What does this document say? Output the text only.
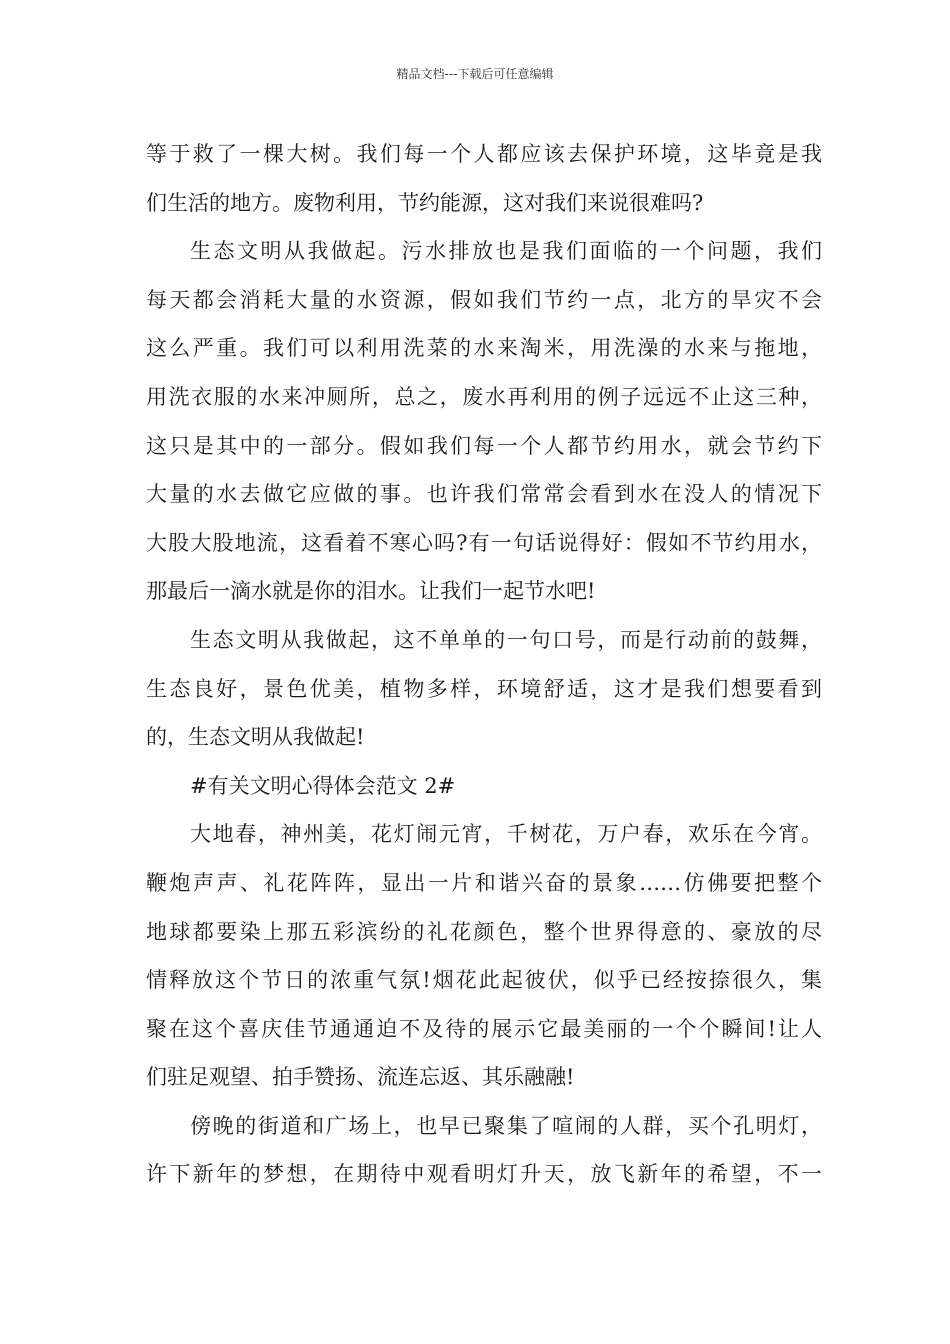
精品文档---下载后可任意编辑
等于救了一棵大树。我们每一个人都应该去保护环境，这毕竟是我
们生活的地方。废物利用，节约能源，这对我们来说很难吗?
生态文明从我做起。污水排放也是我们面临的一个问题，我们
每天都会消耗大量的水资源，假如我们节约一点，北方的旱灾不会
这么严重。我们可以利用洗菜的水来淘米，用洗澡的水来与拖地，
用洗衣服的水来冲厕所，总之，废水再利用的例子远远不止这三种，
这只是其中的一部分。假如我们每一个人都节约用水，就会节约下
大量的水去做它应做的事。也许我们常常会看到水在没人的情况下
大股大股地流，这看着不寒心吗?有一句话说得好：假如不节约用水，
那最后一滴水就是你的泪水。让我们一起节水吧!
生态文明从我做起，这不单单的一句口号，而是行动前的鼓舞，
生态良好，景色优美，植物多样，环境舒适，这才是我们想要看到
的，生态文明从我做起!
#有关文明心得体会范文 2#
大地春，神州美，花灯闹元宵，千树花，万户春，欢乐在今宵。
鞭炮声声、礼花阵阵，显出一片和谐兴奋的景象……仿佛要把整个
地球都要染上那五彩滨纷的礼花颜色，整个世界得意的、豪放的尽
情释放这个节日的浓重气氛!烟花此起彼伏，似乎已经按捺很久，集
聚在这个喜庆佳节通通迫不及待的展示它最美丽的一个个瞬间!让人
们驻足观望、拍手赞扬、流连忘返、其乐融融!
傍晚的街道和广场上，也早已聚集了喧闹的人群，买个孔明灯，
许下新年的梦想，在期待中观看明灯升天，放飞新年的希望，不一
